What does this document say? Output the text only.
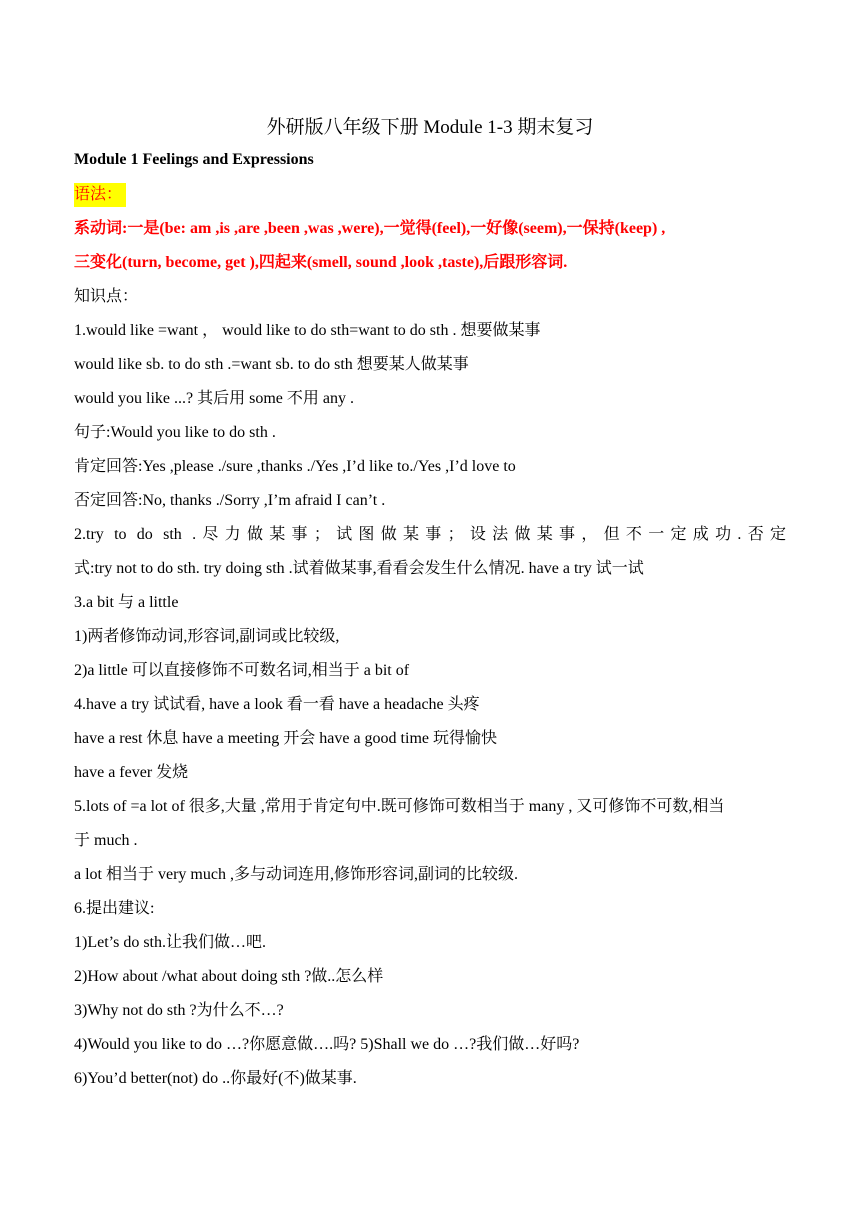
外研版八年级下册 Module 1-3 期末复习
Module 1 Feelings and Expressions
语法：
系动词:一是(be: am ,is ,are ,been ,was ,were),一觉得(feel),一好像(seem),一保持(keep) ,
三变化(turn, become, get ),四起来(smell, sound ,look ,taste),后跟形容词.
知识点：
1.would like =want ， would like to do sth=want to do sth . 想要做某事
would like sb. to do sth .=want sb. to do sth 想要某人做某事
would you like ...? 其后用 some 不用 any .
句子:Would you like to do sth .
肯定回答:Yes ,please ./sure ,thanks ./Yes ,I’d like to./Yes ,I’d love to
否定回答:No, thanks ./Sorry ,I’m afraid I can’t .
2.try to do sth .尽力做某事；试图做某事；设法做某事，但不一定成功.否定
式:try not to do sth. try doing sth .试着做某事,看看会发生什么情况. have a try 试一试
3.a bit 与 a little
1)两者修饰动词,形容词,副词或比较级,
2)a little 可以直接修饰不可数名词,相当于 a bit of
4.have a try 试试看, have a look 看一看 have a headache 头疼
have a rest 休息 have a meeting 开会 have a good time 玩得愉快
have a fever 发烧
5.lots of =a lot of 很多,大量 ,常用于肯定句中.既可修饰可数相当于 many , 又可修饰不可数,相当
于 much .
a lot 相当于 very much ,多与动词连用,修饰形容词,副词的比较级.
6.提出建议:
1)Let’s do sth.让我们做…吧.
2)How about /what about doing sth ?做..怎么样
3)Why not do sth ?为什么不…?
4)Would you like to do …?你愿意做….吗? 5)Shall we do …?我们做…好吗?
6)You’d better(not) do ..你最好(不)做某事.
